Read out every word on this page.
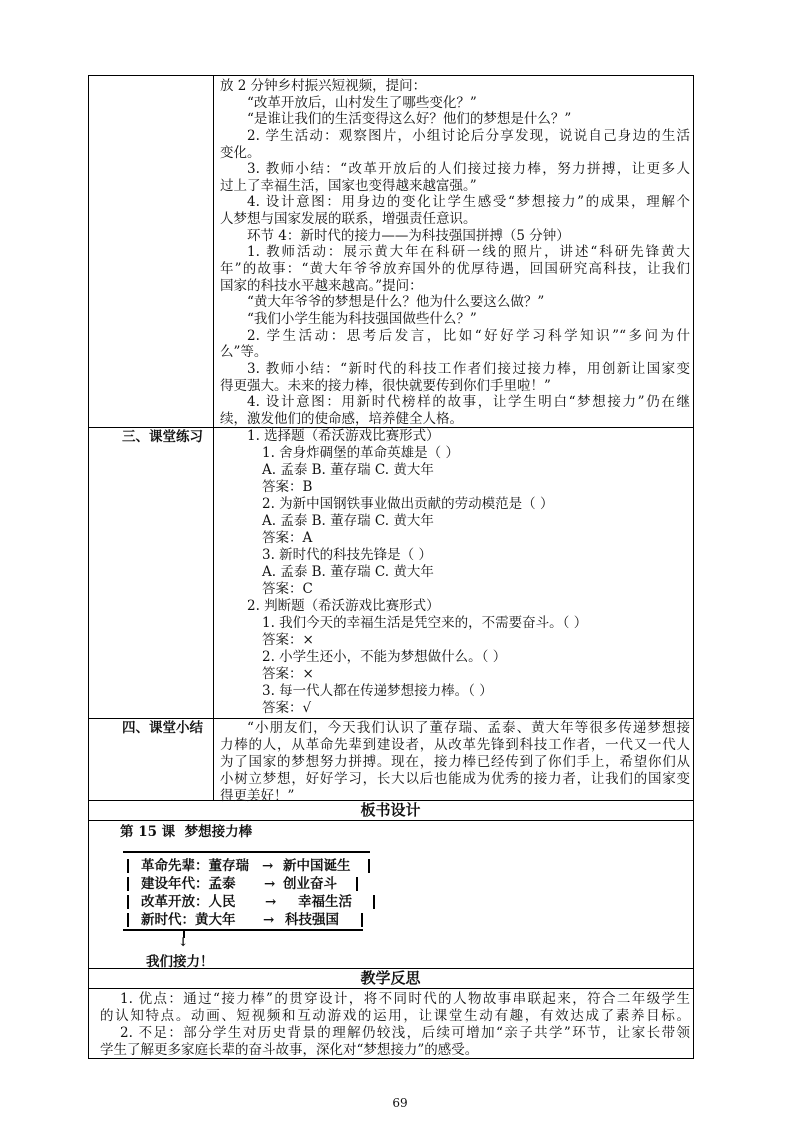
放 2 分钟乡村振兴短视频，提问：
“改革开放后，山村发生了哪些变化？”
“是谁让我们的生活变得这么好？他们的梦想是什么？”
2. 学生活动：观察图片，小组讨论后分享发现，说说自己身边的生活
变化。
3. 教师小结：“改革开放后的人们接过接力棒，努力拼搏，让更多人
过上了幸福生活，国家也变得越来越富强。”
4. 设计意图：用身边的变化让学生感受“梦想接力”的成果，理解个
人梦想与国家发展的联系，增强责任意识。
环节 4：新时代的接力——为科技强国拼搏（5 分钟）
1. 教师活动：展示黄大年在科研一线的照片，讲述“科研先锋黄大
年”的故事：“黄大年爷爷放弃国外的优厚待遇，回国研究高科技，让我们
国家的科技水平越来越高。”提问：
“黄大年爷爷的梦想是什么？他为什么要这么做？”
“我们小学生能为科技强国做些什么？”
2. 学生活动：思考后发言，比如“好好学习科学知识”“多问为什
么”等。
3. 教师小结：“新时代的科技工作者们接过接力棒，用创新让国家变
得更强大。未来的接力棒，很快就要传到你们手里啦！”
4. 设计意图：用新时代榜样的故事，让学生明白“梦想接力”仍在继
续，激发他们的使命感，培养健全人格。
三、课堂练习	1. 选择题（希沃游戏比赛形式）
1. 舍身炸碉堡的革命英雄是（ ）
A. 孟泰 B. 董存瑞 C. 黄大年
答案：B
2. 为新中国钢铁事业做出贡献的劳动模范是（ ）
A. 孟泰 B. 董存瑞 C. 黄大年
答案：A
3. 新时代的科技先锋是（ ）
A. 孟泰 B. 董存瑞 C. 黄大年
答案：C
2. 判断题（希沃游戏比赛形式）
1. 我们今天的幸福生活是凭空来的，不需要奋斗。（ ）
答案：×
2. 小学生还小，不能为梦想做什么。（ ）
答案：×
3. 每一代人都在传递梦想接力棒。（ ）
答案：√
四、课堂小结	“小朋友们，今天我们认识了董存瑞、孟泰、黄大年等很多传递梦想接
力棒的人，从革命先辈到建设者，从改革先锋到科技工作者，一代又一代人
为了国家的梦想努力拼搏。现在，接力棒已经传到了你们手上，希望你们从
小树立梦想，好好学习，长大以后也能成为优秀的接力者，让我们的国家变
得更美好！”
板书设计
第 15 课  梦想接力棒
革命先辈：董存瑞 → 新中国诞生
建设年代：孟泰 → 创业奋斗
改革开放：人民 → 幸福生活
新时代：黄大年 → 科技强国
↓
我们接力！
教学反思
1. 优点：通过“接力棒”的贯穿设计，将不同时代的人物故事串联起来，符合二年级学生
的认知特点。动画、短视频和互动游戏的运用，让课堂生动有趣，有效达成了素养目标。
2. 不足：部分学生对历史背景的理解仍较浅，后续可增加“亲子共学”环节，让家长带领
学生了解更多家庭长辈的奋斗故事，深化对“梦想接力”的感受。
69
